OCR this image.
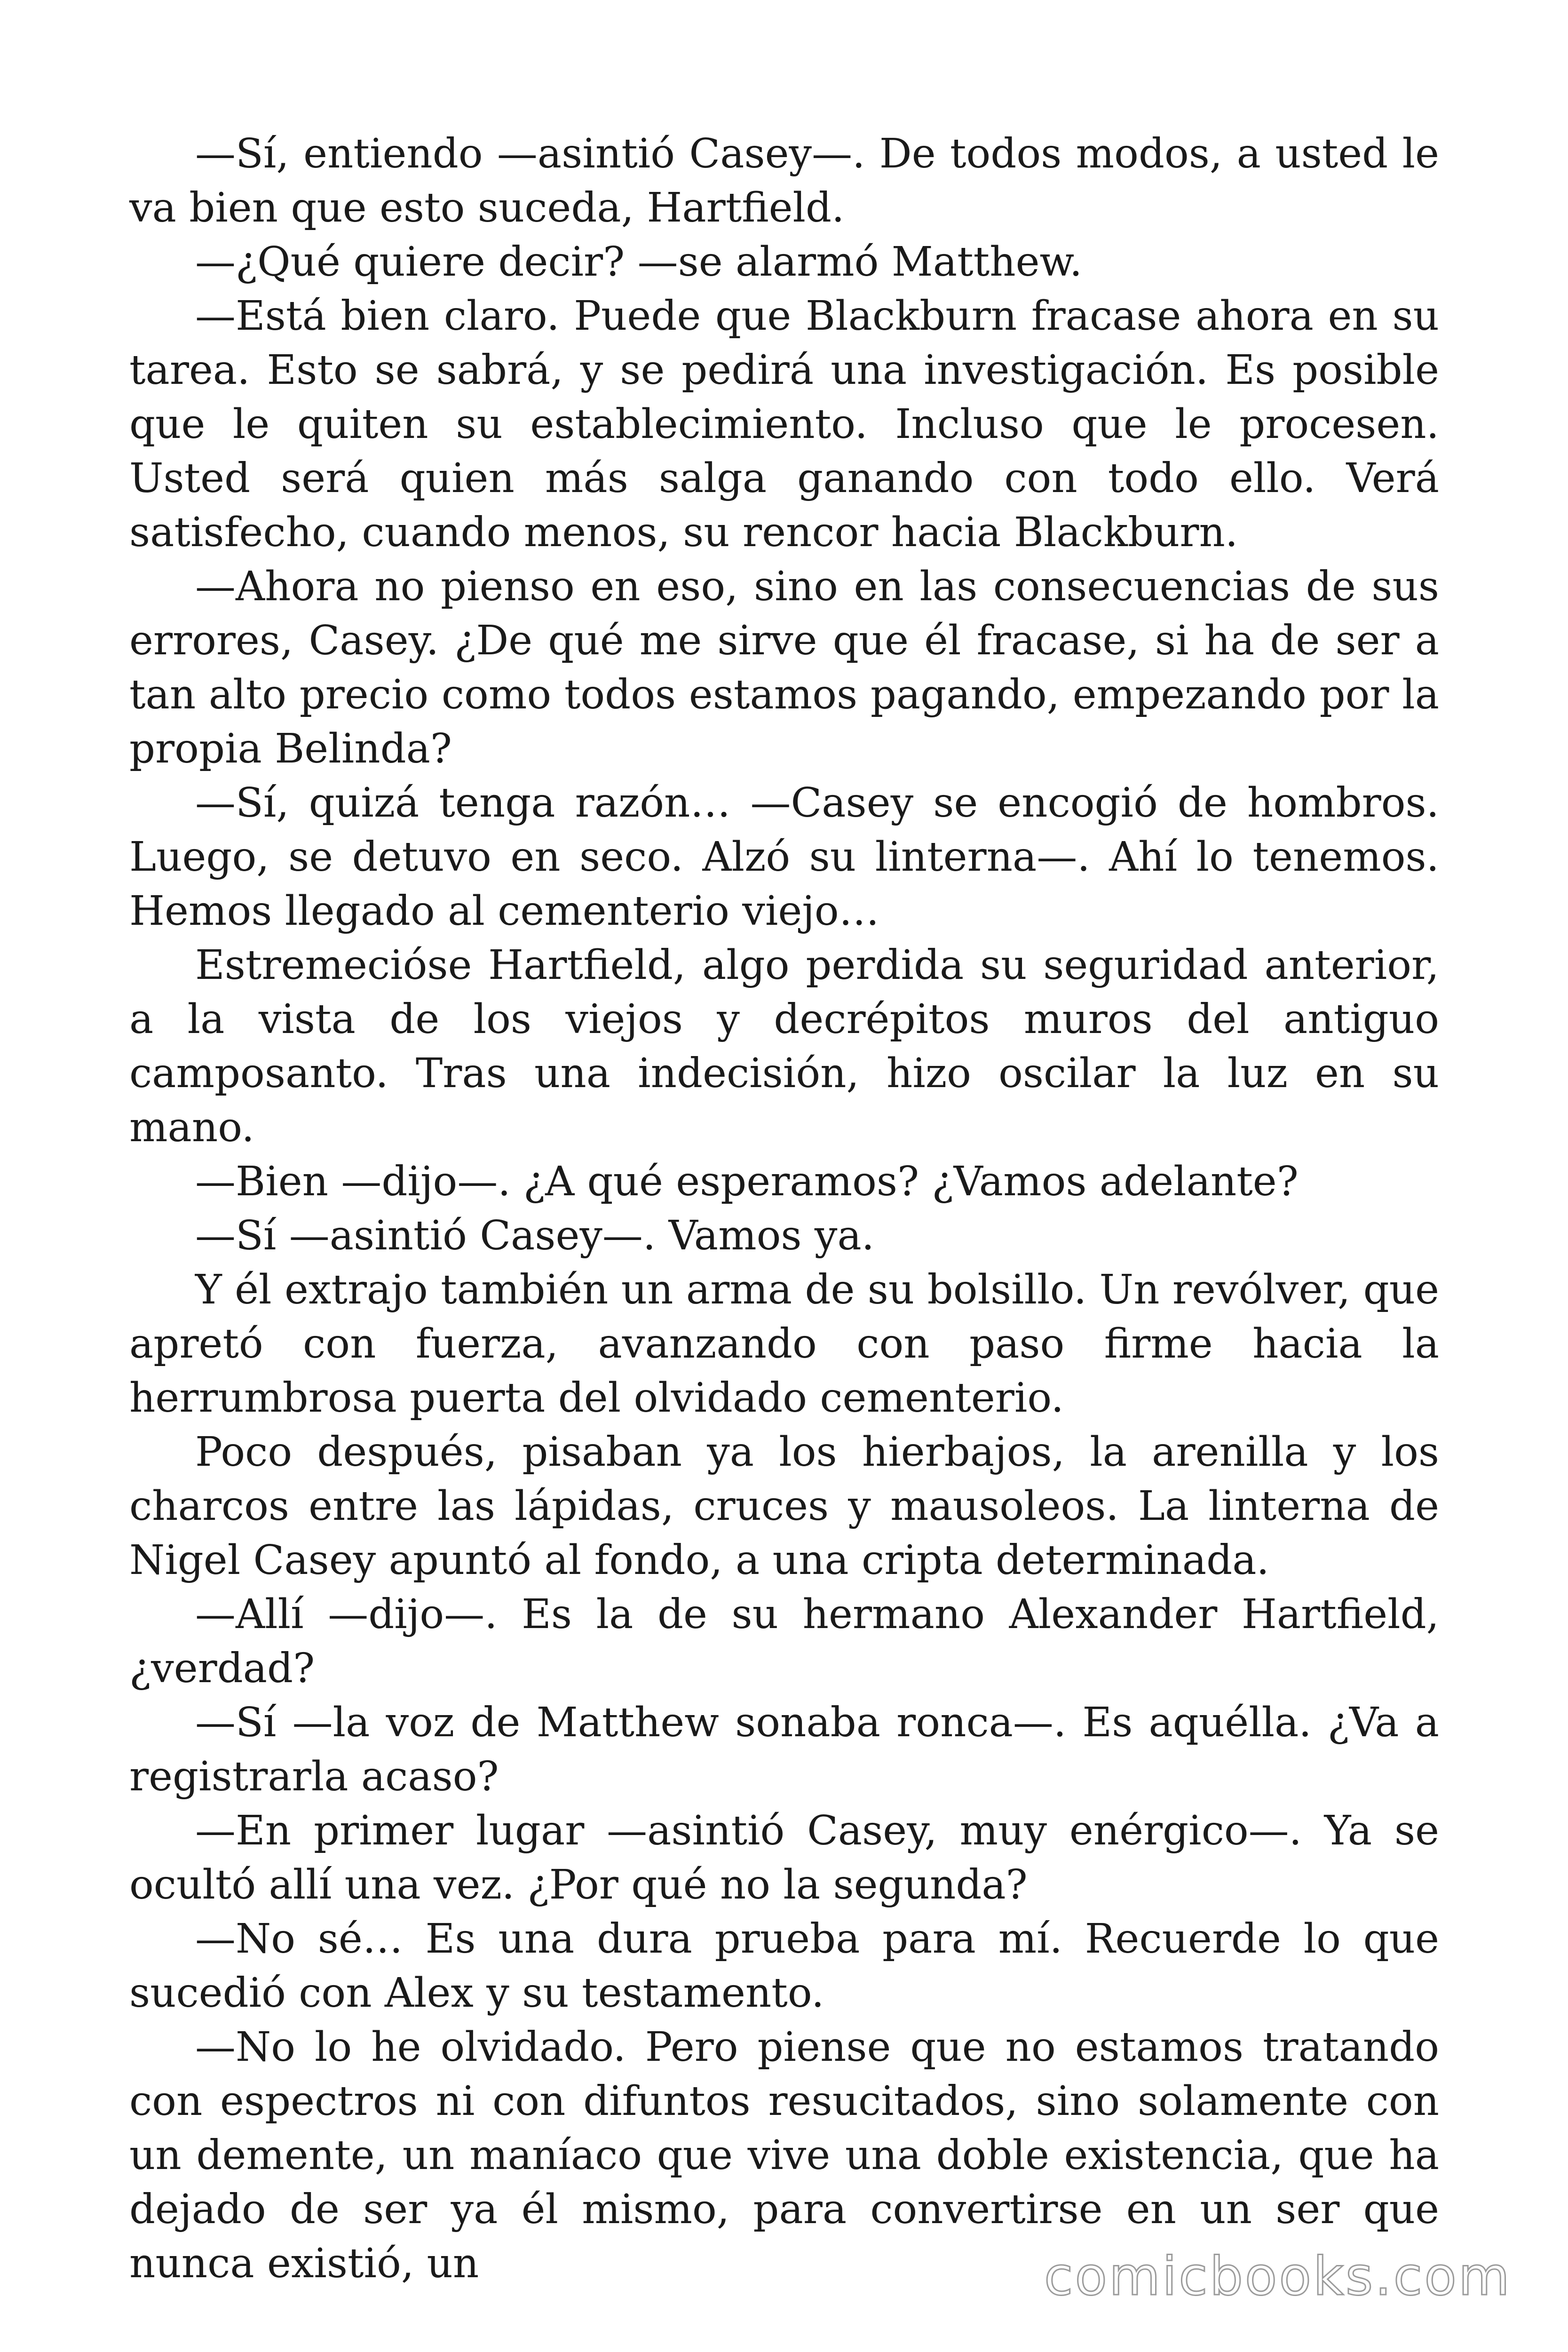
—Sí, entiendo —asintió Casey—. De todos modos, a usted le va bien que esto suceda, Hartfield.

—¿Qué quiere decir? —se alarmó Matthew.

—Está bien claro. Puede que Blackburn fracase ahora en su tarea. Esto se sabrá, y se pedirá una investigación. Es posible que le quiten su establecimiento. Incluso que le procesen. Usted será quien más salga ganando con todo ello. Verá satisfecho, cuando menos, su rencor hacia Blackburn.

—Ahora no pienso en eso, sino en las consecuencias de sus errores, Casey. ¿De qué me sirve que él fracase, si ha de ser a tan alto precio como todos estamos pagando, empezando por la propia Belinda?

—Sí, quizá tenga razón… —Casey se encogió de hombros. Luego, se detuvo en seco. Alzó su linterna—. Ahí lo tenemos. Hemos llegado al cementerio viejo…

Estremecióse Hartfield, algo perdida su seguridad anterior, a la vista de los viejos y decrépitos muros del antiguo camposanto. Tras una indecisión, hizo oscilar la luz en su mano.

—Bien —dijo—. ¿A qué esperamos? ¿Vamos adelante?

—Sí —asintió Casey—. Vamos ya.

Y él extrajo también un arma de su bolsillo. Un revólver, que apretó con fuerza, avanzando con paso firme hacia la herrumbrosa puerta del olvidado cementerio.

Poco después, pisaban ya los hierbajos, la arenilla y los charcos entre las lápidas, cruces y mausoleos. La linterna de Nigel Casey apuntó al fondo, a una cripta determinada.

—Allí —dijo—. Es la de su hermano Alexander Hartfield, ¿verdad?

—Sí —la voz de Matthew sonaba ronca—. Es aquélla. ¿Va a registrarla acaso?

—En primer lugar —asintió Casey, muy enérgico—. Ya se ocultó allí una vez. ¿Por qué no la segunda?

—No sé… Es una dura prueba para mí. Recuerde lo que sucedió con Alex y su testamento.

—No lo he olvidado. Pero piense que no estamos tratando con espectros ni con difuntos resucitados, sino solamente con un demente, un maníaco que vive una doble existencia, que ha dejado de ser ya él mismo, para convertirse en un ser que nunca existió, un	comicbooks.com
